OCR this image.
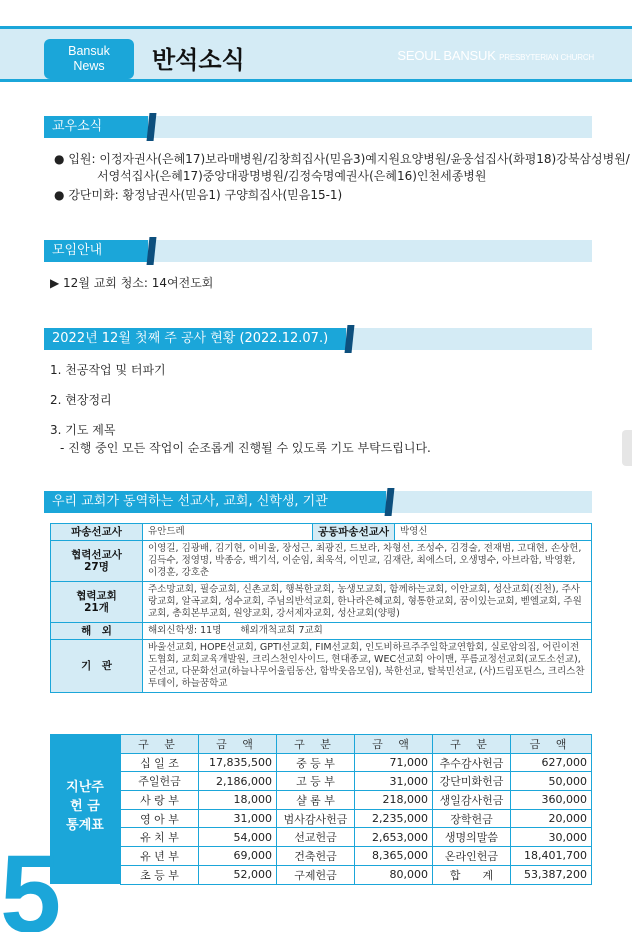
Bansuk
News	반석소식	SEOUL BANSUK PRESBYTERIAN CHURCH
교우소식
● 입원: 이정자권사(은혜17)보라매병원/김창희집사(믿음3)예지원요양병원/윤웅섭집사(화평18)강북삼성병원/
서영석집사(은혜17)중앙대광명병원/김정숙명예권사(은혜16)인천세종병원
● 강단미화: 황정남권사(믿음1) 구양희집사(믿음15-1)
모임안내
▶ 12월 교회 청소: 14여전도회
2022년 12월 첫째 주 공사 현황 (2022.12.07.)
1. 천공작업 및 터파기
2. 현장정리
3. 기도 제목
- 진행 중인 모든 작업이 순조롭게 진행될 수 있도록 기도 부탁드립니다.
우리 교회가 동역하는 선교사, 교회, 신학생, 기관
파송선교사	유안드레	공동파송선교사	박영신

협력선교사
27명	이영길, 김광배, 김기현, 이비울, 장성근, 최광진, 드보라, 차형선, 조성수, 김경술, 전재범, 고대현, 손상헌, 김득수, 정영명, 박종승, 백기석, 이순임, 최욱석, 이민교, 김재란, 최에스더, 오생명수, 아브라함, 박영환, 이경훈, 강호춘		

협력교회
21개	주소망교회, 필승교회, 신촌교회, 행복한교회, 농생모교회, 함께하는교회, 이안교회, 성산교회(진천), 주사랑교회, 알곡교회, 성수교회, 주님의반석교회, 한나라은혜교회, 형통한교회, 꿈이있는교회, 벧엘교회, 주원교회, 총회본부교회, 원양교회, 강서제자교회, 성산교회(양평)		
해　외	해외신학생: 11명　　해외개척교회 7교회		
기　관	바울선교회, HOPE선교회, GPTI선교회, FIM선교회, 인도비하르주주일학교연합회, 실로암의집, 어린이전도협회, 교회교육개발원, 크리스천인사이드, 현대종교, WEC선교회 아이맨, 푸름교정선교회(교도소선교), 군선교, 다문화선교(하늘나무어울림동산, 함박웃음모임), 북한선교, 탈북민선교, (사)드림포틴스, 크리스찬투데이, 하늘꿈학교		
지난주
헌 금
통계표
구 분	금 액	구 분	금 액	구 분	금 액
십 일 조	17,835,500	중 등 부	71,000	추수감사헌금	627,000
주일헌금	2,186,000	고 등 부	31,000	강단미화헌금	50,000
사 랑 부	18,000	샬 롬 부	218,000	생일감사헌금	360,000
영 아 부	31,000	범사감사헌금	2,235,000	장학헌금	20,000
유 치 부	54,000	선교헌금	2,653,000	생명의말씀	30,000
유 년 부	69,000	건축헌금	8,365,000	온라인헌금	18,401,700
초 등 부	52,000	구제헌금	80,000	합　　계	53,387,200
5
